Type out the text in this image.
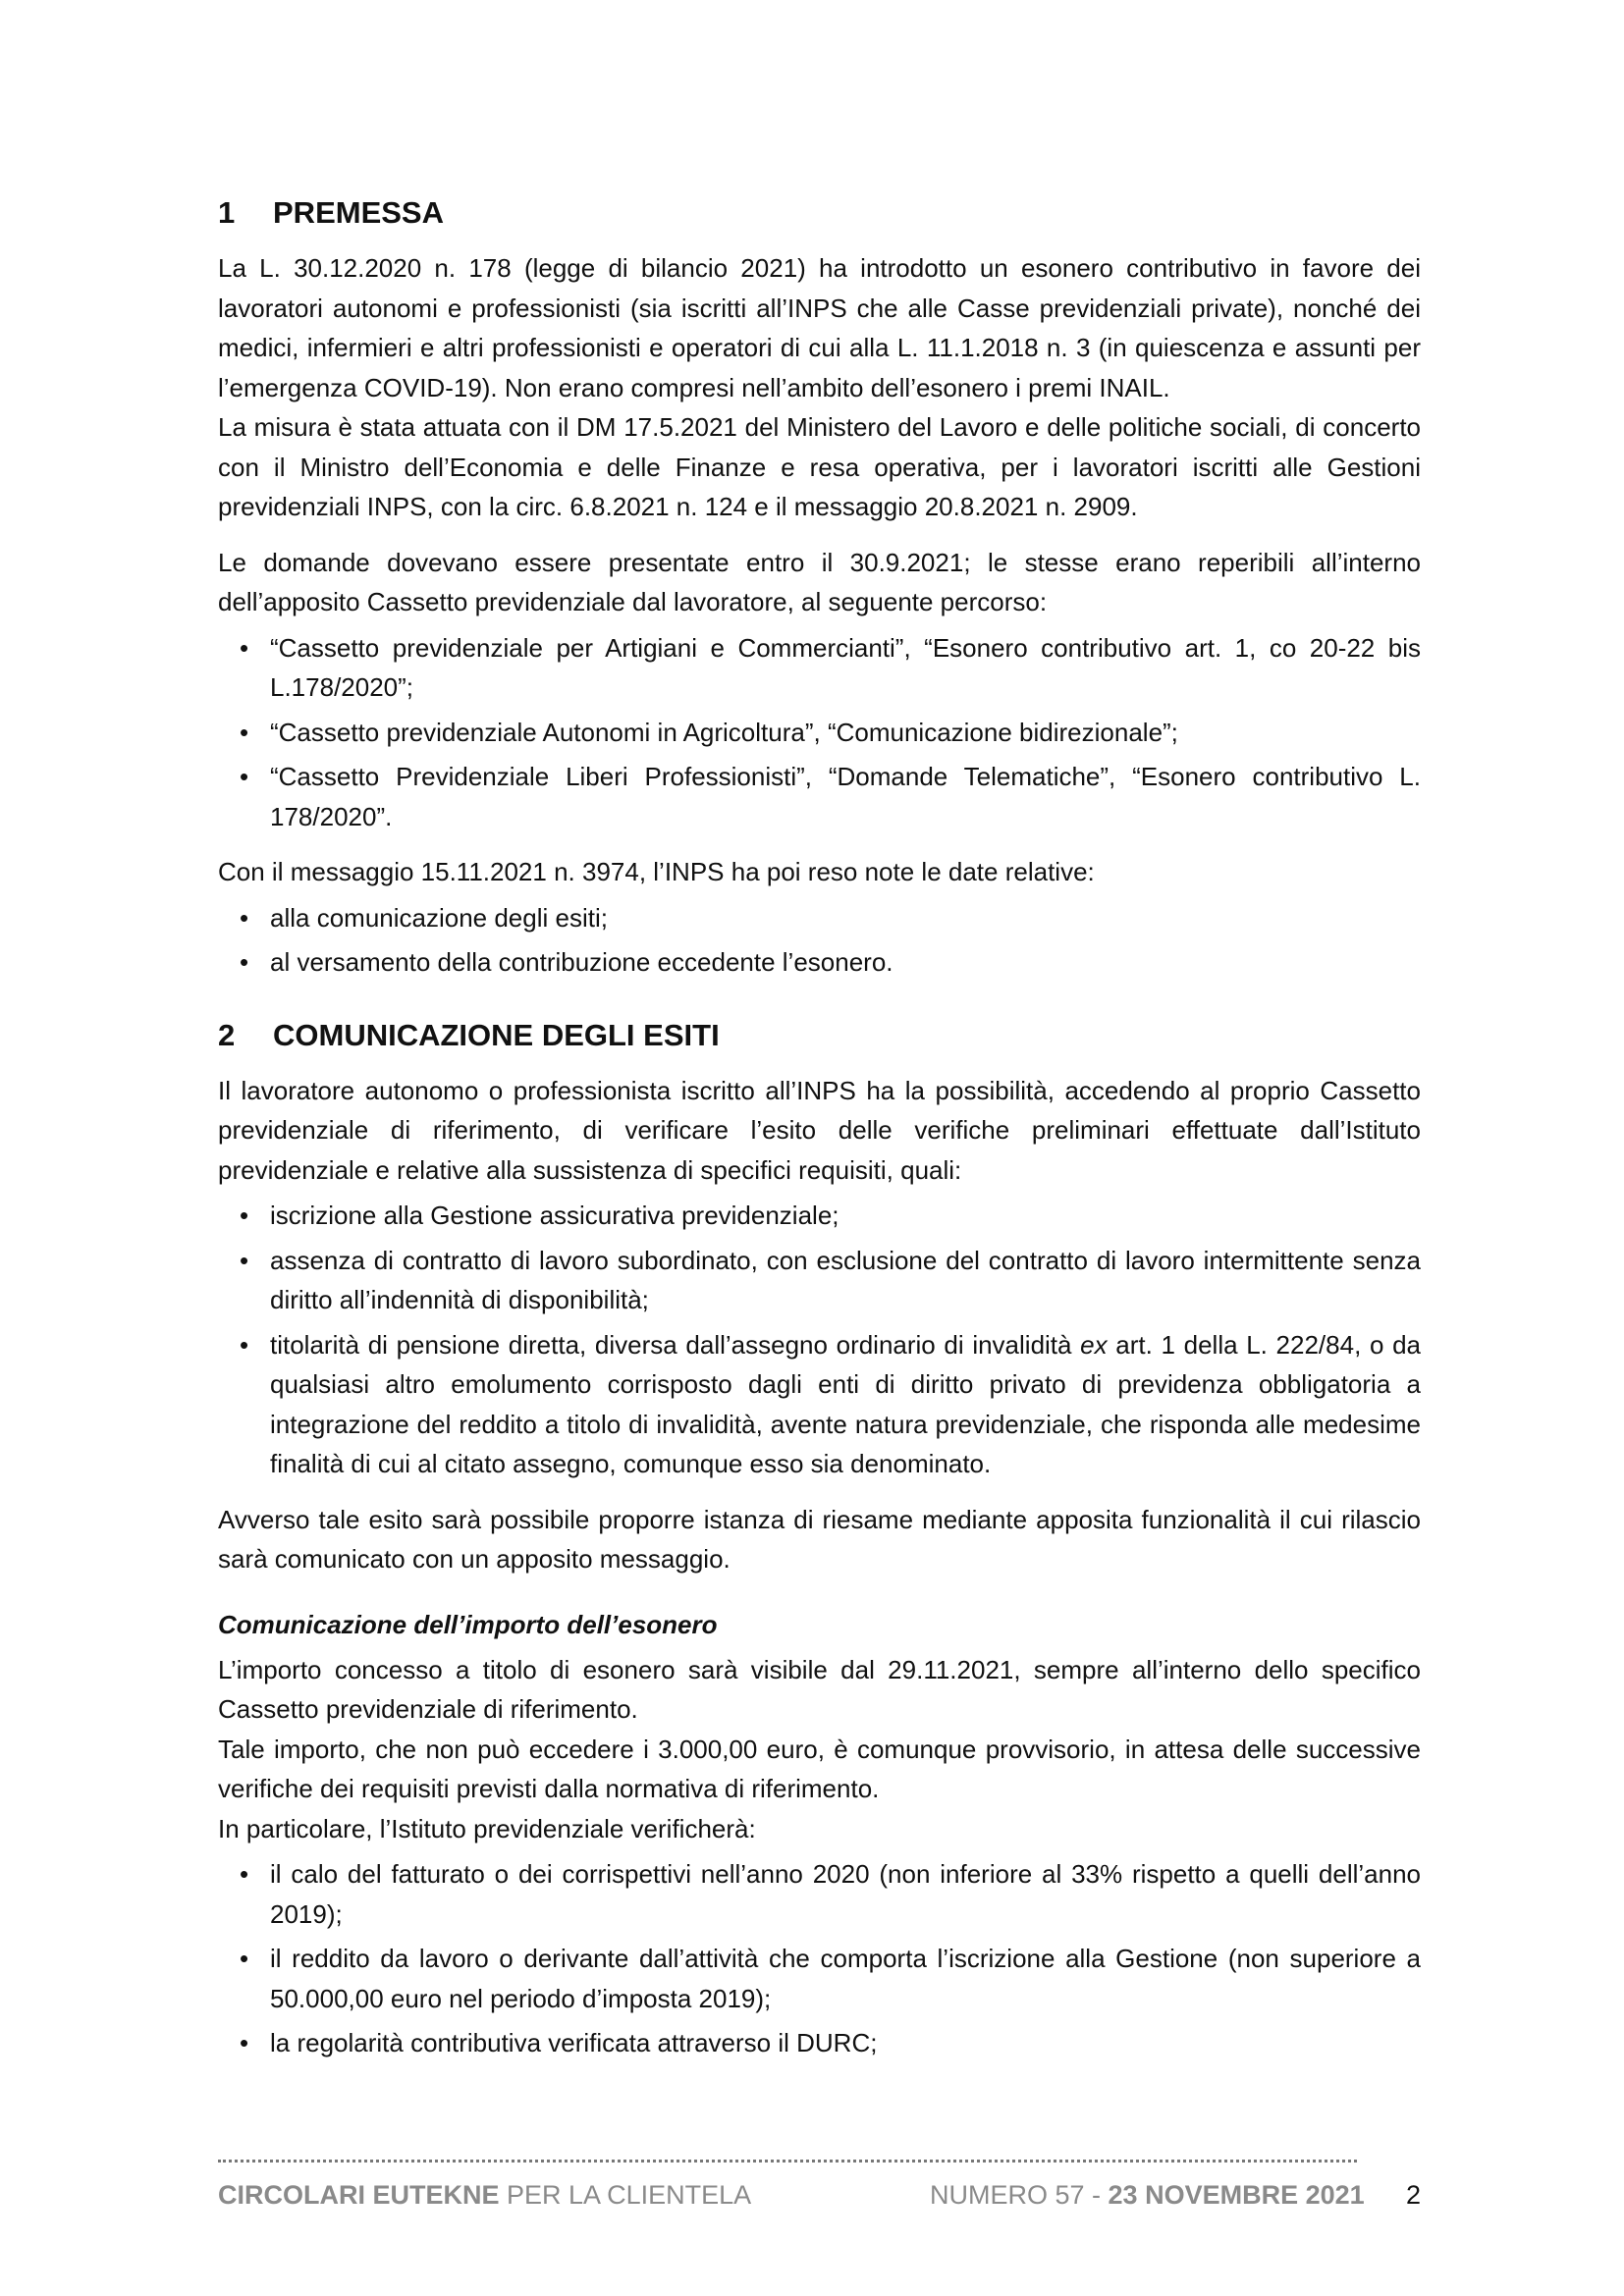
1 PREMESSA

La L. 30.12.2020 n. 178 (legge di bilancio 2021) ha introdotto un esonero contributivo in favore dei lavoratori autonomi e professionisti (sia iscritti all’INPS che alle Casse previdenziali private), nonché dei medici, infermieri e altri professionisti e operatori di cui alla L. 11.1.2018 n. 3 (in quiescenza e assunti per l’emergenza COVID-19). Non erano compresi nell’ambito dell’esonero i premi INAIL.

La misura è stata attuata con il DM 17.5.2021 del Ministero del Lavoro e delle politiche sociali, di concerto con il Ministro dell’Economia e delle Finanze e resa operativa, per i lavoratori iscritti alle Gestioni previdenziali INPS, con la circ. 6.8.2021 n. 124 e il messaggio 20.8.2021 n. 2909.

Le domande dovevano essere presentate entro il 30.9.2021; le stesse erano reperibili all’interno dell’apposito Cassetto previdenziale dal lavoratore, al seguente percorso:

• “Cassetto previdenziale per Artigiani e Commercianti”, “Esonero contributivo art. 1, co 20-22 bis L.178/2020”;
• “Cassetto previdenziale Autonomi in Agricoltura”, “Comunicazione bidirezionale”;
• “Cassetto Previdenziale Liberi Professionisti”, “Domande Telematiche”, “Esonero contributivo L. 178/2020”.

Con il messaggio 15.11.2021 n. 3974, l’INPS ha poi reso note le date relative:

• alla comunicazione degli esiti;
• al versamento della contribuzione eccedente l’esonero.
2 COMUNICAZIONE DEGLI ESITI

Il lavoratore autonomo o professionista iscritto all’INPS ha la possibilità, accedendo al proprio Cassetto previdenziale di riferimento, di verificare l’esito delle verifiche preliminari effettuate dall’Istituto previdenziale e relative alla sussistenza di specifici requisiti, quali:

• iscrizione alla Gestione assicurativa previdenziale;
• assenza di contratto di lavoro subordinato, con esclusione del contratto di lavoro intermittente senza diritto all’indennità di disponibilità;
• titolarità di pensione diretta, diversa dall’assegno ordinario di invalidità ex art. 1 della L. 222/84, o da qualsiasi altro emolumento corrisposto dagli enti di diritto privato di previdenza obbligatoria a integrazione del reddito a titolo di invalidità, avente natura previdenziale, che risponda alle medesime finalità di cui al citato assegno, comunque esso sia denominato.

Avverso tale esito sarà possibile proporre istanza di riesame mediante apposita funzionalità il cui rilascio sarà comunicato con un apposito messaggio.

Comunicazione dell’importo dell’esonero

L’importo concesso a titolo di esonero sarà visibile dal 29.11.2021, sempre all’interno dello specifico Cassetto previdenziale di riferimento.

Tale importo, che non può eccedere i 3.000,00 euro, è comunque provvisorio, in attesa delle successive verifiche dei requisiti previsti dalla normativa di riferimento.

In particolare, l’Istituto previdenziale verificherà:

• il calo del fatturato o dei corrispettivi nell’anno 2020 (non inferiore al 33% rispetto a quelli dell’anno 2019);
• il reddito da lavoro o derivante dall’attività che comporta l’iscrizione alla Gestione (non superiore a 50.000,00 euro nel periodo d’imposta 2019);
• la regolarità contributiva verificata attraverso il DURC;
CIRCOLARI EUTEKNE PER LA CLIENTELA	NUMERO 57 - 23 NOVEMBRE 2021 2
